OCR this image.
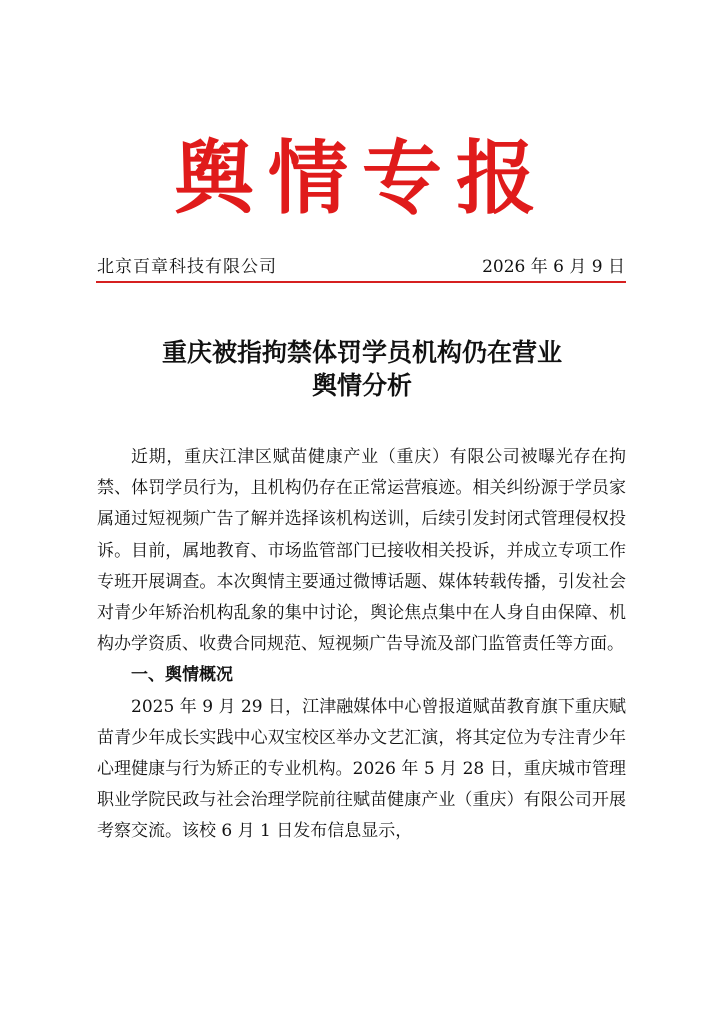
舆情专报
北京百章科技有限公司	2026 年 6 月 9 日
重庆被指拘禁体罚学员机构仍在营业
舆情分析

近期，重庆江津区赋苗健康产业（重庆）有限公司被曝光存在拘禁、体罚学员行为，且机构仍存在正常运营痕迹。相关纠纷源于学员家属通过短视频广告了解并选择该机构送训，后续引发封闭式管理侵权投诉。目前，属地教育、市场监管部门已接收相关投诉，并成立专项工作专班开展调查。本次舆情主要通过微博话题、媒体转载传播，引发社会对青少年矫治机构乱象的集中讨论，舆论焦点集中在人身自由保障、机构办学资质、收费合同规范、短视频广告导流及部门监管责任等方面。

一、舆情概况

2025 年 9 月 29 日，江津融媒体中心曾报道赋苗教育旗下重庆赋苗青少年成长实践中心双宝校区举办文艺汇演，将其定位为专注青少年心理健康与行为矫正的专业机构。2026 年 5 月 28 日，重庆城市管理职业学院民政与社会治理学院前往赋苗健康产业（重庆）有限公司开展考察交流。该校 6 月 1 日发布信息显示，
